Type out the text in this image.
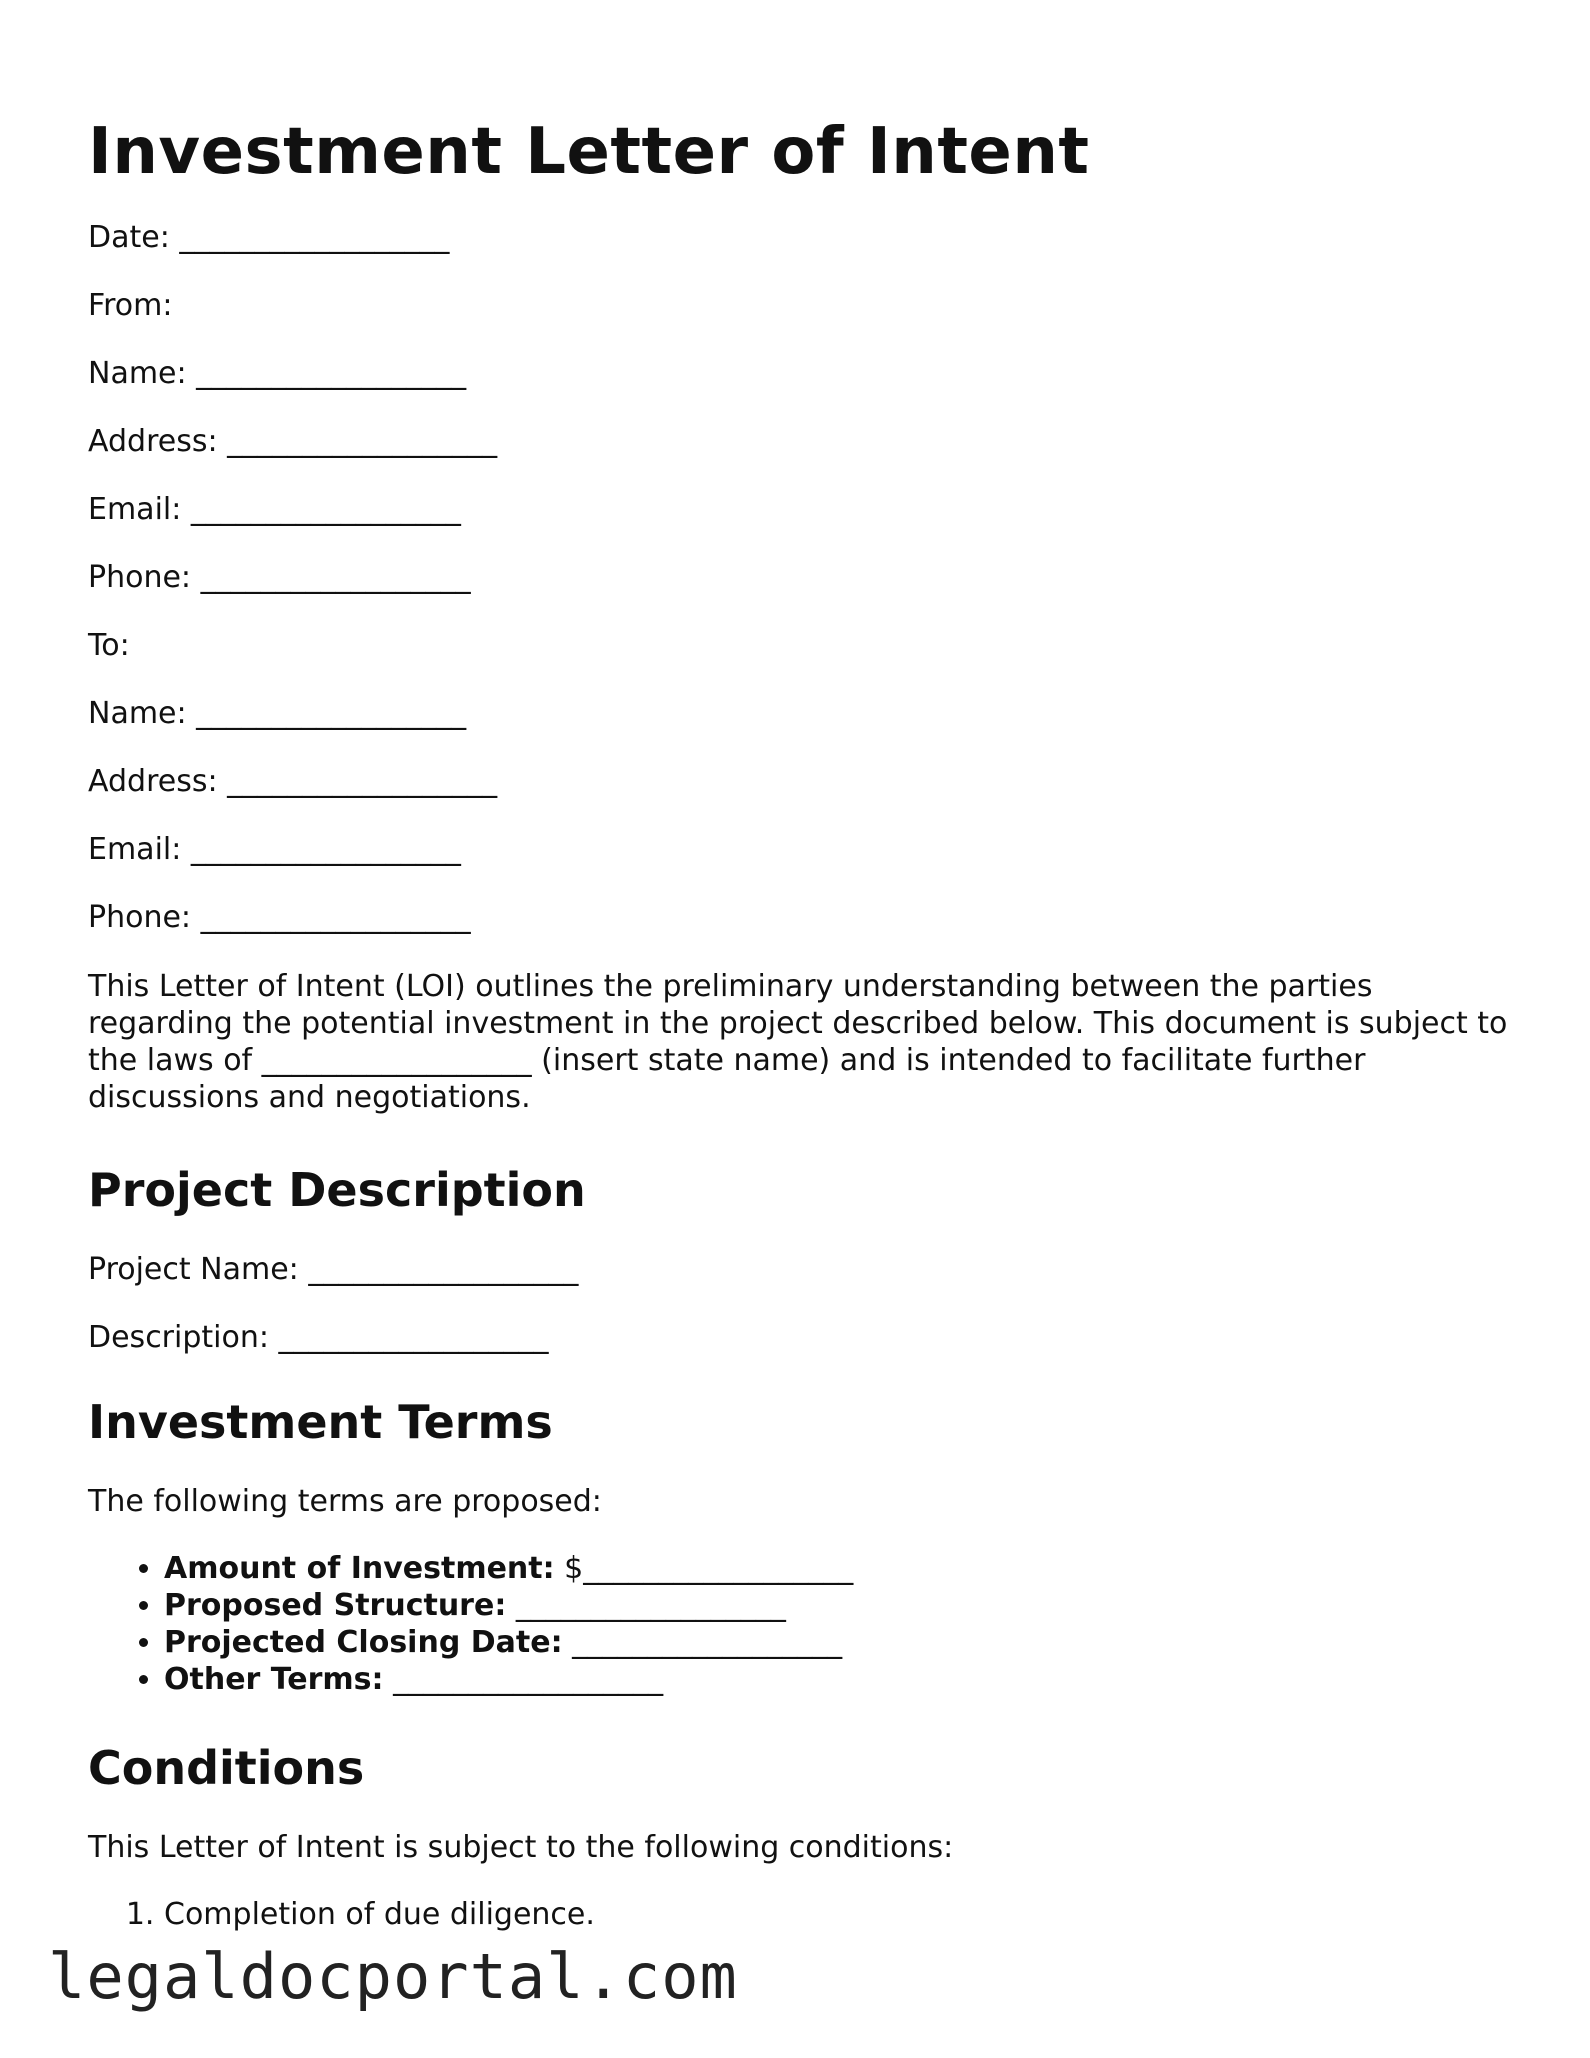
Investment Letter of Intent
Date: __________________
From:
Name: __________________
Address: __________________
Email: __________________
Phone: __________________
To:
Name: __________________
Address: __________________
Email: __________________
Phone: __________________

This Letter of Intent (LOI) outlines the preliminary understanding between the parties regarding the potential investment in the project described below. This document is subject to the laws of __________________ (insert state name) and is intended to facilitate further discussions and negotiations.

Project Description
Project Name: __________________
Description: __________________
Investment Terms
The following terms are proposed:
• Amount of Investment: $__________________
• Proposed Structure: __________________
• Projected Closing Date: __________________
• Other Terms: __________________
Conditions
This Letter of Intent is subject to the following conditions:
1. Completion of due diligence.
legaldocportal.com
